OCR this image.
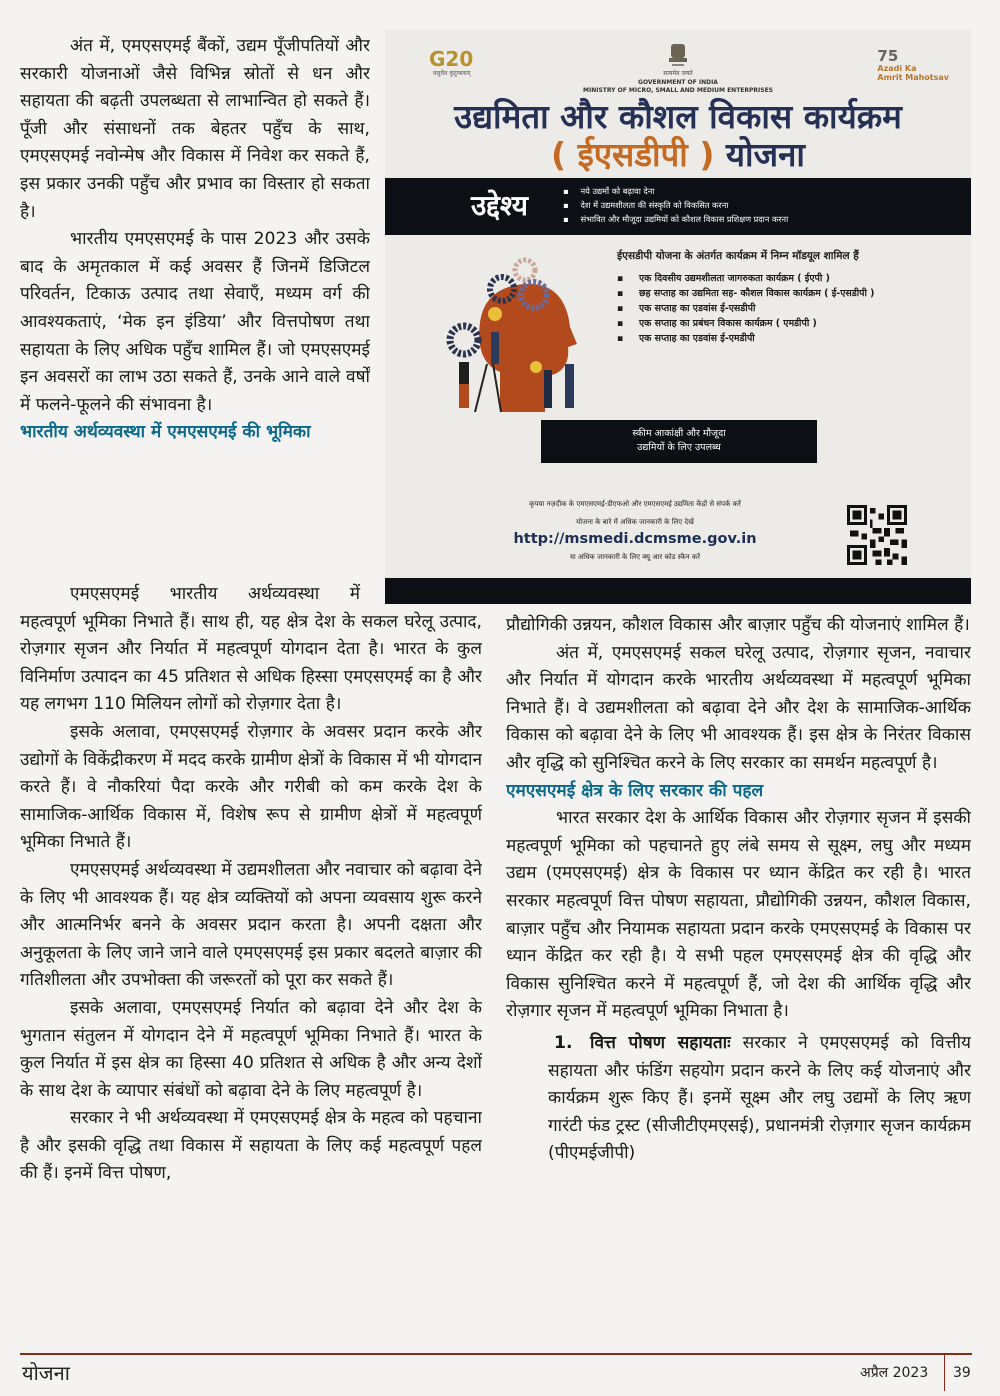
अंत में, एमएसएमई बैंकों, उद्यम पूँजीपतियों और सरकारी योजनाओं जैसे विभिन्न स्रोतों से धन और सहायता की बढ़ती उपलब्धता से लाभान्वित हो सकते हैं। पूँजी और संसाधनों तक बेहतर पहुँच के साथ, एमएसएमई नवोन्मेष और विकास में निवेश कर सकते हैं, इस प्रकार उनकी पहुँच और प्रभाव का विस्तार हो सकता है।

भारतीय एमएसएमई के पास 2023 और उसके बाद के अमृतकाल में कई अवसर हैं जिनमें डिजिटल परिवर्तन, टिकाऊ उत्पाद तथा सेवाएँ, मध्यम वर्ग की आवश्यकताएं, ‘मेक इन इंडिया’ और वित्तपोषण तथा सहायता के लिए अधिक पहुँच शामिल हैं। जो एमएसएमई इन अवसरों का लाभ उठा सकते हैं, उनके आने वाले वर्षों में फलने-फूलने की संभावना है।

भारतीय अर्थव्यवस्था में एमएसएमई की भूमिका

एमएसएमई भारतीय अर्थव्यवस्था में

महत्वपूर्ण भूमिका निभाते हैं। साथ ही, यह क्षेत्र देश के सकल घरेलू उत्पाद, रोज़गार सृजन और निर्यात में महत्वपूर्ण योगदान देता है। भारत के कुल विनिर्माण उत्पादन का 45 प्रतिशत से अधिक हिस्सा एमएसएमई का है और यह लगभग 110 मिलियन लोगों को रोज़गार देता है।

इसके अलावा, एमएसएमई रोज़गार के अवसर प्रदान करके और उद्योगों के विकेंद्रीकरण में मदद करके ग्रामीण क्षेत्रों के विकास में भी योगदान करते हैं। वे नौकरियां पैदा करके और गरीबी को कम करके देश के सामाजिक-आर्थिक विकास में, विशेष रूप से ग्रामीण क्षेत्रों में महत्वपूर्ण भूमिका निभाते हैं।

एमएसएमई अर्थव्यवस्था में उद्यमशीलता और नवाचार को बढ़ावा देने के लिए भी आवश्यक हैं। यह क्षेत्र व्यक्तियों को अपना व्यवसाय शुरू करने और आत्मनिर्भर बनने के अवसर प्रदान करता है। अपनी दक्षता और अनुकूलता के लिए जाने जाने वाले एमएसएमई इस प्रकार बदलते बाज़ार की गतिशीलता और उपभोक्ता की जरूरतों को पूरा कर सकते हैं।

इसके अलावा, एमएसएमई निर्यात को बढ़ावा देने और देश के भुगतान संतुलन में योगदान देने में महत्वपूर्ण भूमिका निभाते हैं। भारत के कुल निर्यात में इस क्षेत्र का हिस्सा 40 प्रतिशत से अधिक है और अन्य देशों के साथ देश के व्यापार संबंधों को बढ़ावा देने के लिए महत्वपूर्ण है।

सरकार ने भी अर्थव्यवस्था में एमएसएमई क्षेत्र के महत्व को पहचाना है और इसकी वृद्धि तथा विकास में सहायता के लिए कई महत्वपूर्ण पहल की हैं। इनमें वित्त पोषण,

प्रौद्योगिकी उन्नयन, कौशल विकास और बाज़ार पहुँच की योजनाएं शामिल हैं।

अंत में, एमएसएमई सकल घरेलू उत्पाद, रोज़गार सृजन, नवाचार और निर्यात में योगदान करके भारतीय अर्थव्यवस्था में महत्वपूर्ण भूमिका निभाते हैं। वे उद्यमशीलता को बढ़ावा देने और देश के सामाजिक-आर्थिक विकास को बढ़ावा देने के लिए भी आवश्यक हैं। इस क्षेत्र के निरंतर विकास और वृद्धि को सुनिश्चित करने के लिए सरकार का समर्थन महत्वपूर्ण है।

एमएसएमई क्षेत्र के लिए सरकार की पहल

भारत सरकार देश के आर्थिक विकास और रोज़गार सृजन में इसकी महत्वपूर्ण भूमिका को पहचानते हुए लंबे समय से सूक्ष्म, लघु और मध्यम उद्यम (एमएसएमई) क्षेत्र के विकास पर ध्यान केंद्रित कर रही है। भारत सरकार महत्वपूर्ण वित्त पोषण सहायता, प्रौद्योगिकी उन्नयन, कौशल विकास, बाज़ार पहुँच और नियामक सहायता प्रदान करके एमएसएमई के विकास पर ध्यान केंद्रित कर रही है। ये सभी पहल एमएसएमई क्षेत्र की वृद्धि और विकास सुनिश्चित करने में महत्वपूर्ण हैं, जो देश की आर्थिक वृद्धि और रोज़गार सृजन में महत्वपूर्ण भूमिका निभाता है।

1. वित्त पोषण सहायताः सरकार ने एमएसएमई को वित्तीय सहायता और फंडिंग सहयोग प्रदान करने के लिए कई योजनाएं और कार्यक्रम शुरू किए हैं। इनमें सूक्ष्म और लघु उद्यमों के लिए ऋण गारंटी फंड ट्रस्ट (सीजीटीएमएसई), प्रधानमंत्री रोज़गार सृजन कार्यक्रम (पीएमईजीपी)

G20
वसुधैव कुटुम्बकम्	सत्यमेव जयते
GOVERNMENT OF INDIA
MINISTRY OF MICRO, SMALL AND MEDIUM ENTERPRISES
75
Azadi Ka
Amrit Mahotsav
उद्यमिता और कौशल विकास कार्यक्रम
( ईएसडीपी ) योजना
उद्देश्य	▪ नये उद्यमों को बढ़ावा देना
▪ देश में उद्यमशीलता की संस्कृति को विकसित करना
▪ संभावित और मौजूदा उद्यमियों को कौशल विकास प्रशिक्षण प्रदान करना
ईएसडीपी योजना के अंतर्गत कार्यक्रम में निम्न मॉडयूल शामिल हैं
▪ एक दिवसीय उद्यमशीलता जागरुकता कार्यक्रम ( ईएपी )
▪ छह सप्ताह का उद्यमिता सह- कौशल विकास कार्यक्रम ( ई-एसडीपी )
▪ एक सप्ताह का एडवांस ई-एसडीपी
▪ एक सप्ताह का प्रबंधन विकास कार्यक्रम ( एमडीपी )
▪ एक सप्ताह का एडवांस ई-एमडीपी
स्कीम आकांक्षी और मौजूदा
उद्यमियों के लिए उपलब्ध
कृपया नज़दीक के एमएसएमई-डीएफओ और एमएसएमई उद्यमिता केंद्रों से संपर्क करें
योजना के बारे में अधिक जानकारी के लिए देखें
http://msmedi.dcmsme.gov.in
या अधिक जानकारी के लिए क्यू आर कोड स्कैन करें
योजना	अप्रैल 2023 39
